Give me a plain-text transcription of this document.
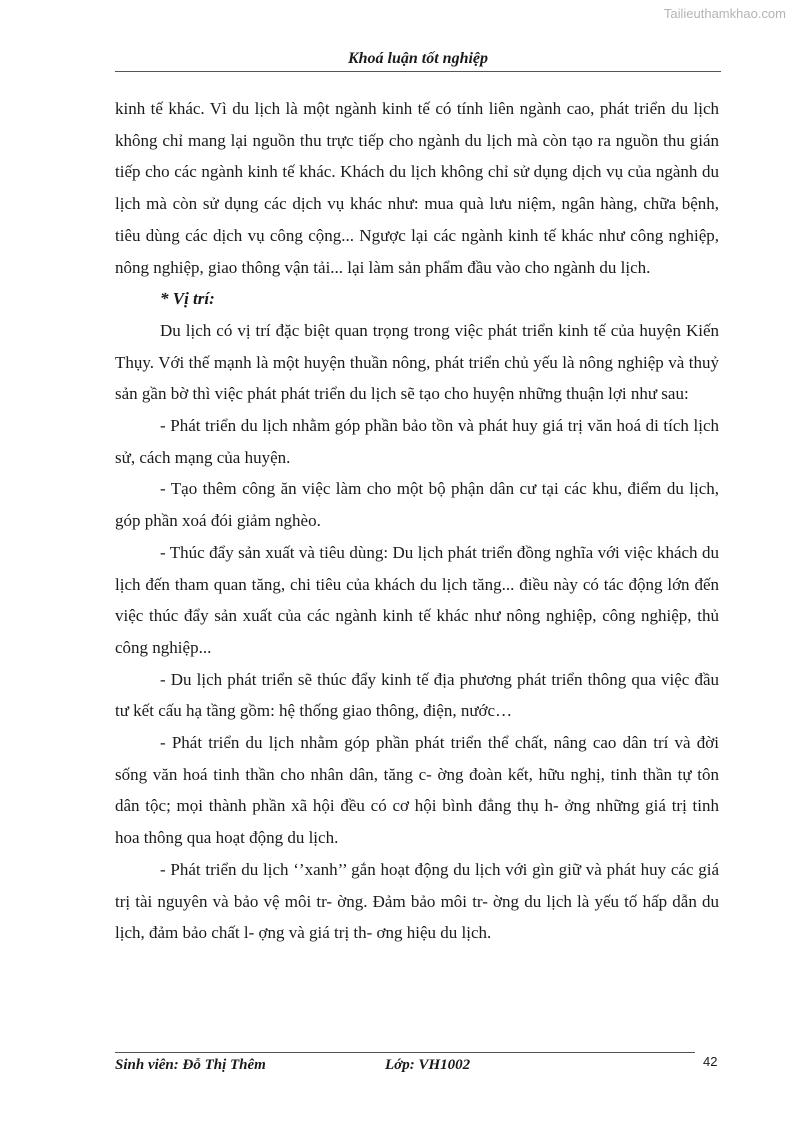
Tailieuthamkhao.com
Khoá luận tốt nghiệp

kinh tế khác. Vì du lịch là một ngành kinh tế có tính liên ngành cao, phát triển du lịch không chỉ mang lại nguồn thu trực tiếp cho ngành du lịch mà còn tạo ra nguồn thu gián tiếp cho các ngành kinh tế khác. Khách du lịch không chỉ sử dụng dịch vụ của ngành du lịch mà còn sử dụng các dịch vụ khác như: mua quà lưu niệm, ngân hàng, chữa bệnh, tiêu dùng các dịch vụ công cộng... Ngược lại các ngành kinh tế khác như công nghiệp, nông nghiệp, giao thông vận tải... lại làm sản phẩm đầu vào cho ngành du lịch.

* Vị trí:

Du lịch có vị trí đặc biệt quan trọng trong việc phát triển kinh tế của huyện Kiến Thụy. Với thế mạnh là một huyện thuần nông, phát triển chủ yếu là nông nghiệp và thuỷ sản gần bờ thì việc phát phát triển du lịch sẽ tạo cho huyện những thuận lợi như sau:

- Phát triển du lịch nhằm góp phần bảo tồn và phát huy giá trị văn hoá di tích lịch sử, cách mạng của huyện.

- Tạo thêm công ăn việc làm cho một bộ phận dân cư tại các khu, điểm du lịch, góp phần xoá đói giảm nghèo.

- Thúc đẩy sản xuất và tiêu dùng: Du lịch phát triển đồng nghĩa với việc khách du lịch đến tham quan tăng, chi tiêu của khách du lịch tăng... điều này có tác động lớn đến việc thúc đẩy sản xuất của các ngành kinh tế khác như nông nghiệp, công nghiệp, thủ công nghiệp...

- Du lịch phát triển sẽ thúc đẩy kinh tế địa phương phát triển thông qua việc đầu tư kết cấu hạ tầng gồm: hệ thống giao thông, điện, nước…

- Phát triển du lịch nhằm góp phần phát triển thể chất, nâng cao dân trí và đời sống văn hoá tinh thần cho nhân dân, tăng c- ờng đoàn kết, hữu nghị, tinh thần tự tôn dân tộc; mọi thành phần xã hội đều có cơ hội bình đẳng thụ h- ởng những giá trị tinh hoa thông qua hoạt động du lịch.

- Phát triển du lịch ‘’xanh’’ gắn hoạt động du lịch với gìn giữ và phát huy các giá trị tài nguyên và bảo vệ môi tr- ờng. Đảm bảo môi tr- ờng du lịch là yếu tố hấp dẫn du lịch, đảm bảo chất l- ợng và giá trị th- ơng hiệu du lịch.

Sinh viên: Đỗ Thị Thêm	Lớp: VH1002	42
